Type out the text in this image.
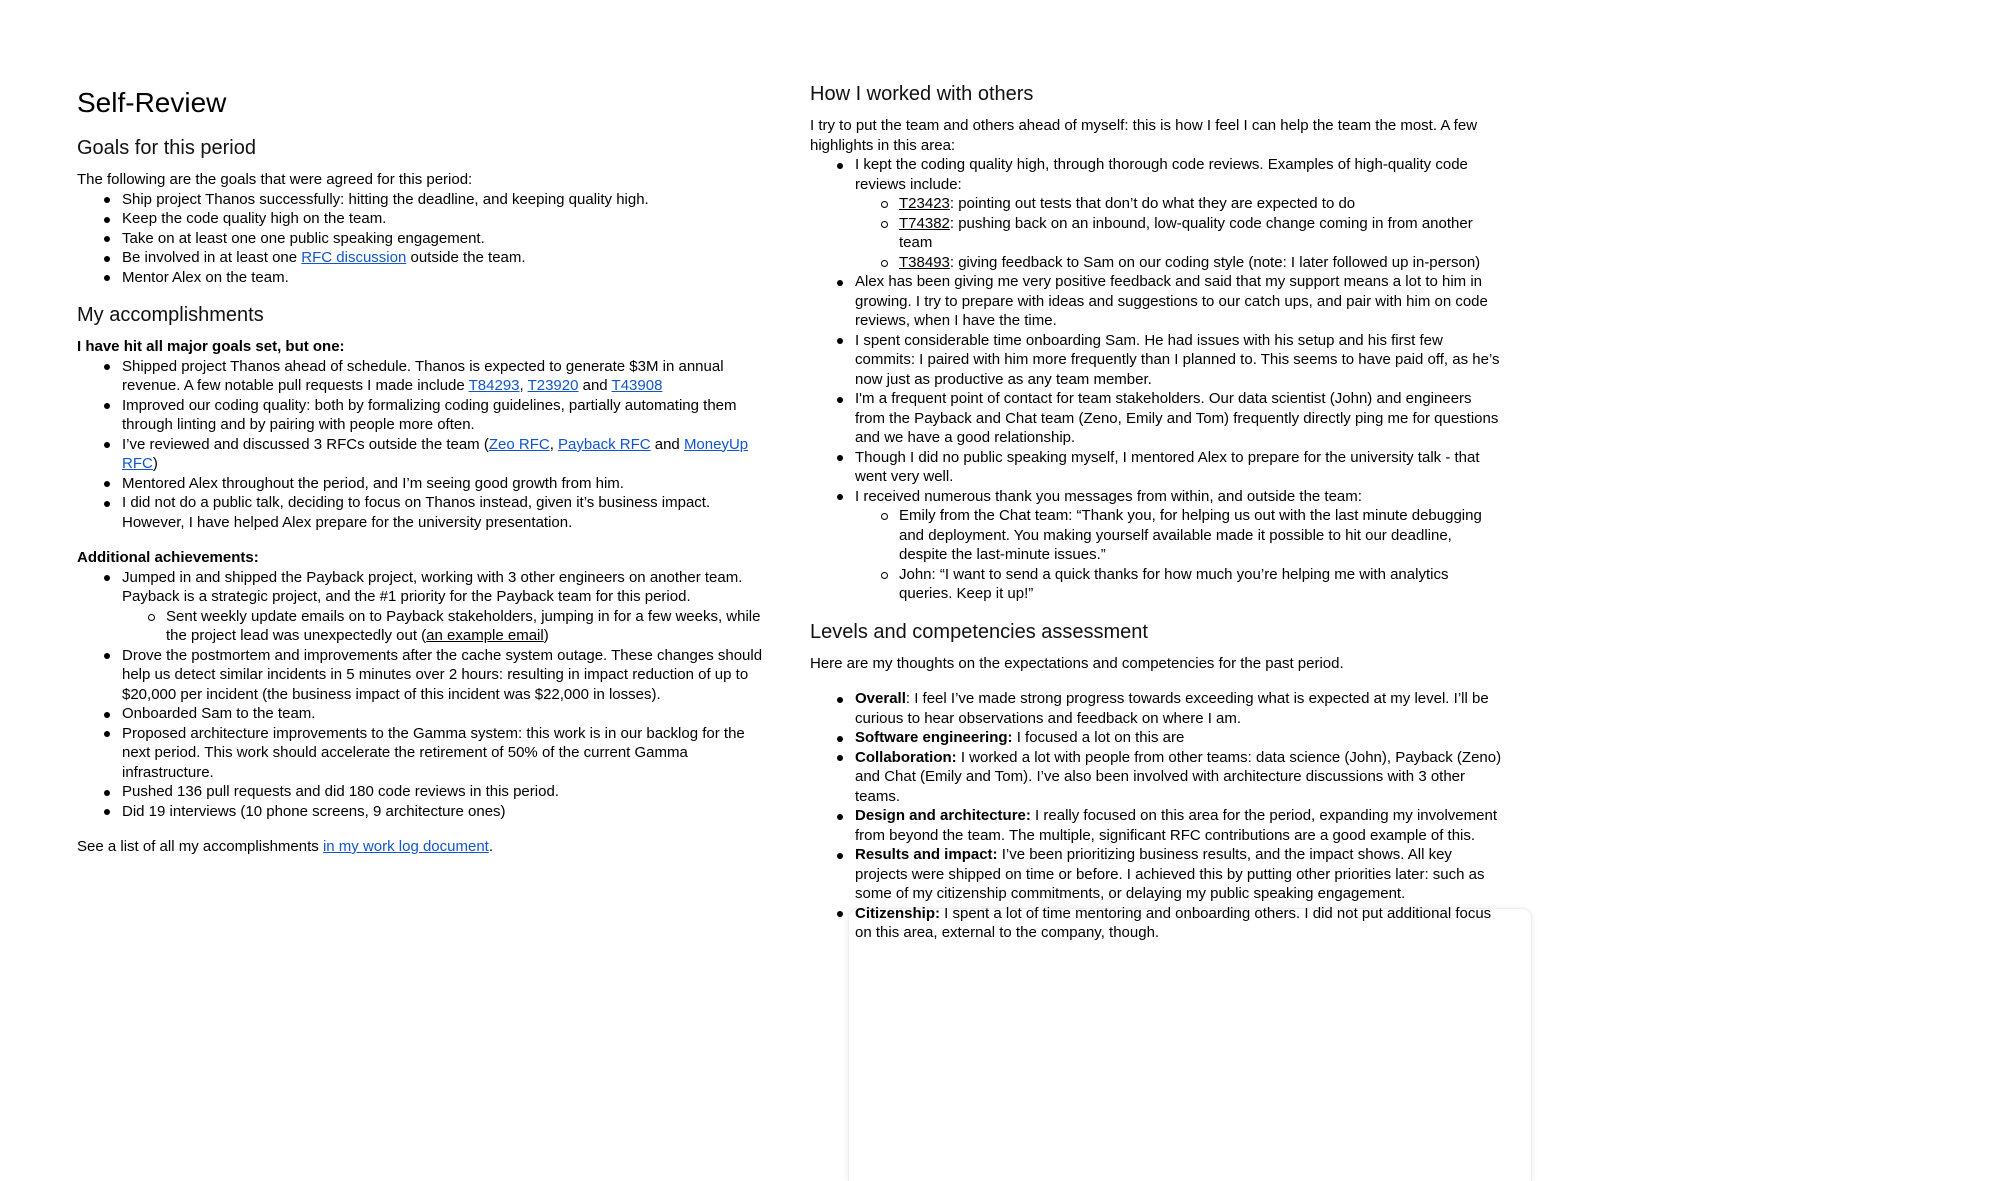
Self-Review
Goals for this period

The following are the goals that were agreed for this period:

Ship project Thanos successfully: hitting the deadline, and keeping quality high.
Keep the code quality high on the team.
Take on at least one one public speaking engagement.
Be involved in at least one RFC discussion outside the team.
Mentor Alex on the team.
My accomplishments

I have hit all major goals set, but one:

Shipped project Thanos ahead of schedule. Thanos is expected to generate $3M in annual revenue. A few notable pull requests I made include T84293, T23920 and T43908
Improved our coding quality: both by formalizing coding guidelines, partially automating them through linting and by pairing with people more often.
I’ve reviewed and discussed 3 RFCs outside the team (Zeo RFC, Payback RFC and MoneyUp RFC)
Mentored Alex throughout the period, and I’m seeing good growth from him.
I did not do a public talk, deciding to focus on Thanos instead, given it’s business impact. However, I have helped Alex prepare for the university presentation.

Additional achievements:

Jumped in and shipped the Payback project, working with 3 other engineers on another team. Payback is a strategic project, and the #1 priority for the Payback team for this period.
Sent weekly update emails on to Payback stakeholders, jumping in for a few weeks, while the project lead was unexpectedly out (an example email)
Drove the postmortem and improvements after the cache system outage. These changes should help us detect similar incidents in 5 minutes over 2 hours: resulting in impact reduction of up to $20,000 per incident (the business impact of this incident was $22,000 in losses).
Onboarded Sam to the team.
Proposed architecture improvements to the Gamma system: this work is in our backlog for the next period. This work should accelerate the retirement of 50% of the current Gamma infrastructure.
Pushed 136 pull requests and did 180 code reviews in this period.
Did 19 interviews (10 phone screens, 9 architecture ones)

See a list of all my accomplishments in my work log document.

How I worked with others

I try to put the team and others ahead of myself: this is how I feel I can help the team the most. A few highlights in this area:

I kept the coding quality high, through thorough code reviews. Examples of high-quality code reviews include:
T23423: pointing out tests that don’t do what they are expected to do
T74382: pushing back on an inbound, low-quality code change coming in from another team
T38493: giving feedback to Sam on our coding style (note: I later followed up in-person)
Alex has been giving me very positive feedback and said that my support means a lot to him in growing. I try to prepare with ideas and suggestions to our catch ups, and pair with him on code reviews, when I have the time.
I spent considerable time onboarding Sam. He had issues with his setup and his first few commits: I paired with him more frequently than I planned to. This seems to have paid off, as he’s now just as productive as any team member.
I'm a frequent point of contact for team stakeholders. Our data scientist (John) and engineers from the Payback and Chat team (Zeno, Emily and Tom) frequently directly ping me for questions and we have a good relationship.
Though I did no public speaking myself, I mentored Alex to prepare for the university talk - that went very well.
I received numerous thank you messages from within, and outside the team:
Emily from the Chat team: “Thank you, for helping us out with the last minute debugging and deployment. You making yourself available made it possible to hit our deadline, despite the last-minute issues.”
John: “I want to send a quick thanks for how much you’re helping me with analytics queries. Keep it up!”
Levels and competencies assessment

Here are my thoughts on the expectations and competencies for the past period.

Overall: I feel I’ve made strong progress towards exceeding what is expected at my level. I’ll be curious to hear observations and feedback on where I am.
Software engineering: I focused a lot on this are
Collaboration: I worked a lot with people from other teams: data science (John), Payback (Zeno) and Chat (Emily and Tom). I’ve also been involved with architecture discussions with 3 other teams.
Design and architecture: I really focused on this area for the period, expanding my involvement from beyond the team. The multiple, significant RFC contributions are a good example of this.
Results and impact: I’ve been prioritizing business results, and the impact shows. All key projects were shipped on time or before. I achieved this by putting other priorities later: such as some of my citizenship commitments, or delaying my public speaking engagement.
Citizenship: I spent a lot of time mentoring and onboarding others. I did not put additional focus on this area, external to the company, though.
